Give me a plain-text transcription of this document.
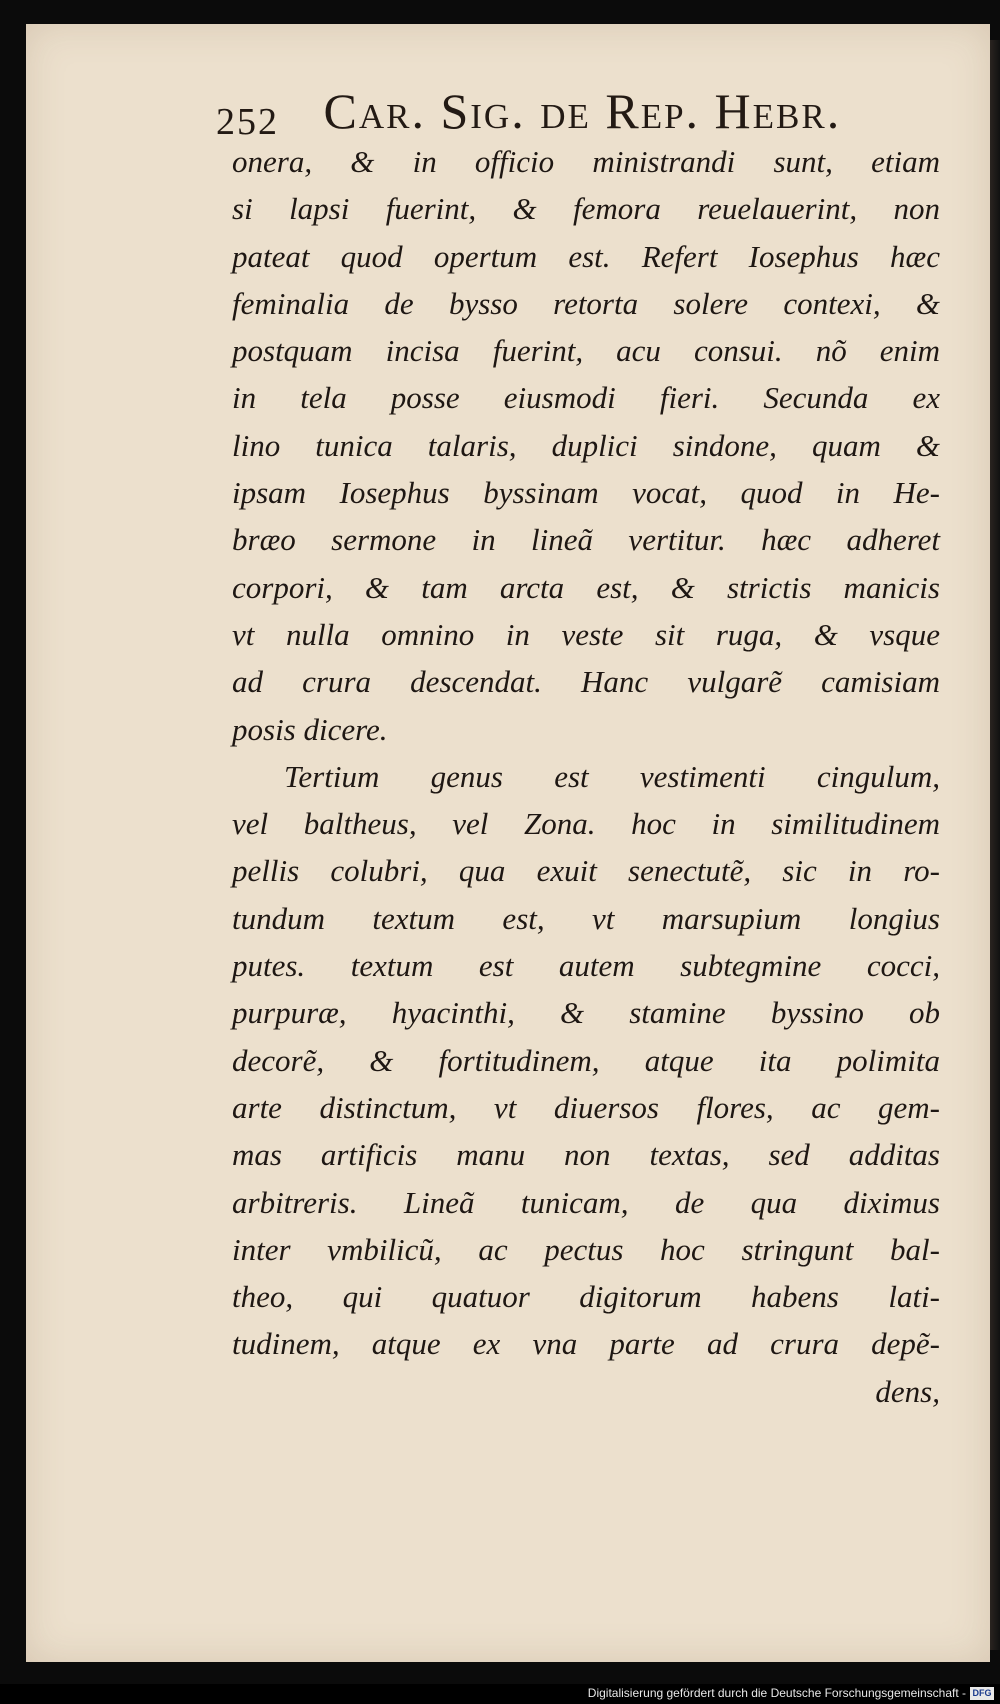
252 Car. Sig. de Rep. Hebr.
onera, & in officio ministrandi sunt, etiam
si lapsi fuerint, & femora reuelauerint, non
pateat quod opertum est. Refert Iosephus hæc
feminalia de bysso retorta solere contexi, &
postquam incisa fuerint, acu consui. nõ enim
in tela posse eiusmodi fieri. Secunda ex
lino tunica talaris, duplici sindone, quam &
ipsam Iosephus byssinam vocat, quod in He-
bræo sermone in lineã vertitur. hæc adheret
corpori, & tam arcta est, & strictis manicis
vt nulla omnino in veste sit ruga, & vsque
ad crura descendat. Hanc vulgarẽ camisiam
posis dicere.
Tertium genus est vestimenti cingulum,
vel baltheus, vel Zona. hoc in similitudinem
pellis colubri, qua exuit senectutẽ, sic in ro-
tundum textum est, vt marsupium longius
putes. textum est autem subtegmine cocci,
purpuræ, hyacinthi, & stamine byssino ob
decorẽ, & fortitudinem, atque ita polimita
arte distinctum, vt diuersos flores, ac gem-
mas artificis manu non textas, sed additas
arbitreris. Lineã tunicam, de qua diximus
inter vmbilicũ, ac pectus hoc stringunt bal-
theo, qui quatuor digitorum habens lati-
tudinem, atque ex vna parte ad crura depẽ-
dens,
Digitalisierung gefördert durch die Deutsche Forschungsgemeinschaft - DFG
